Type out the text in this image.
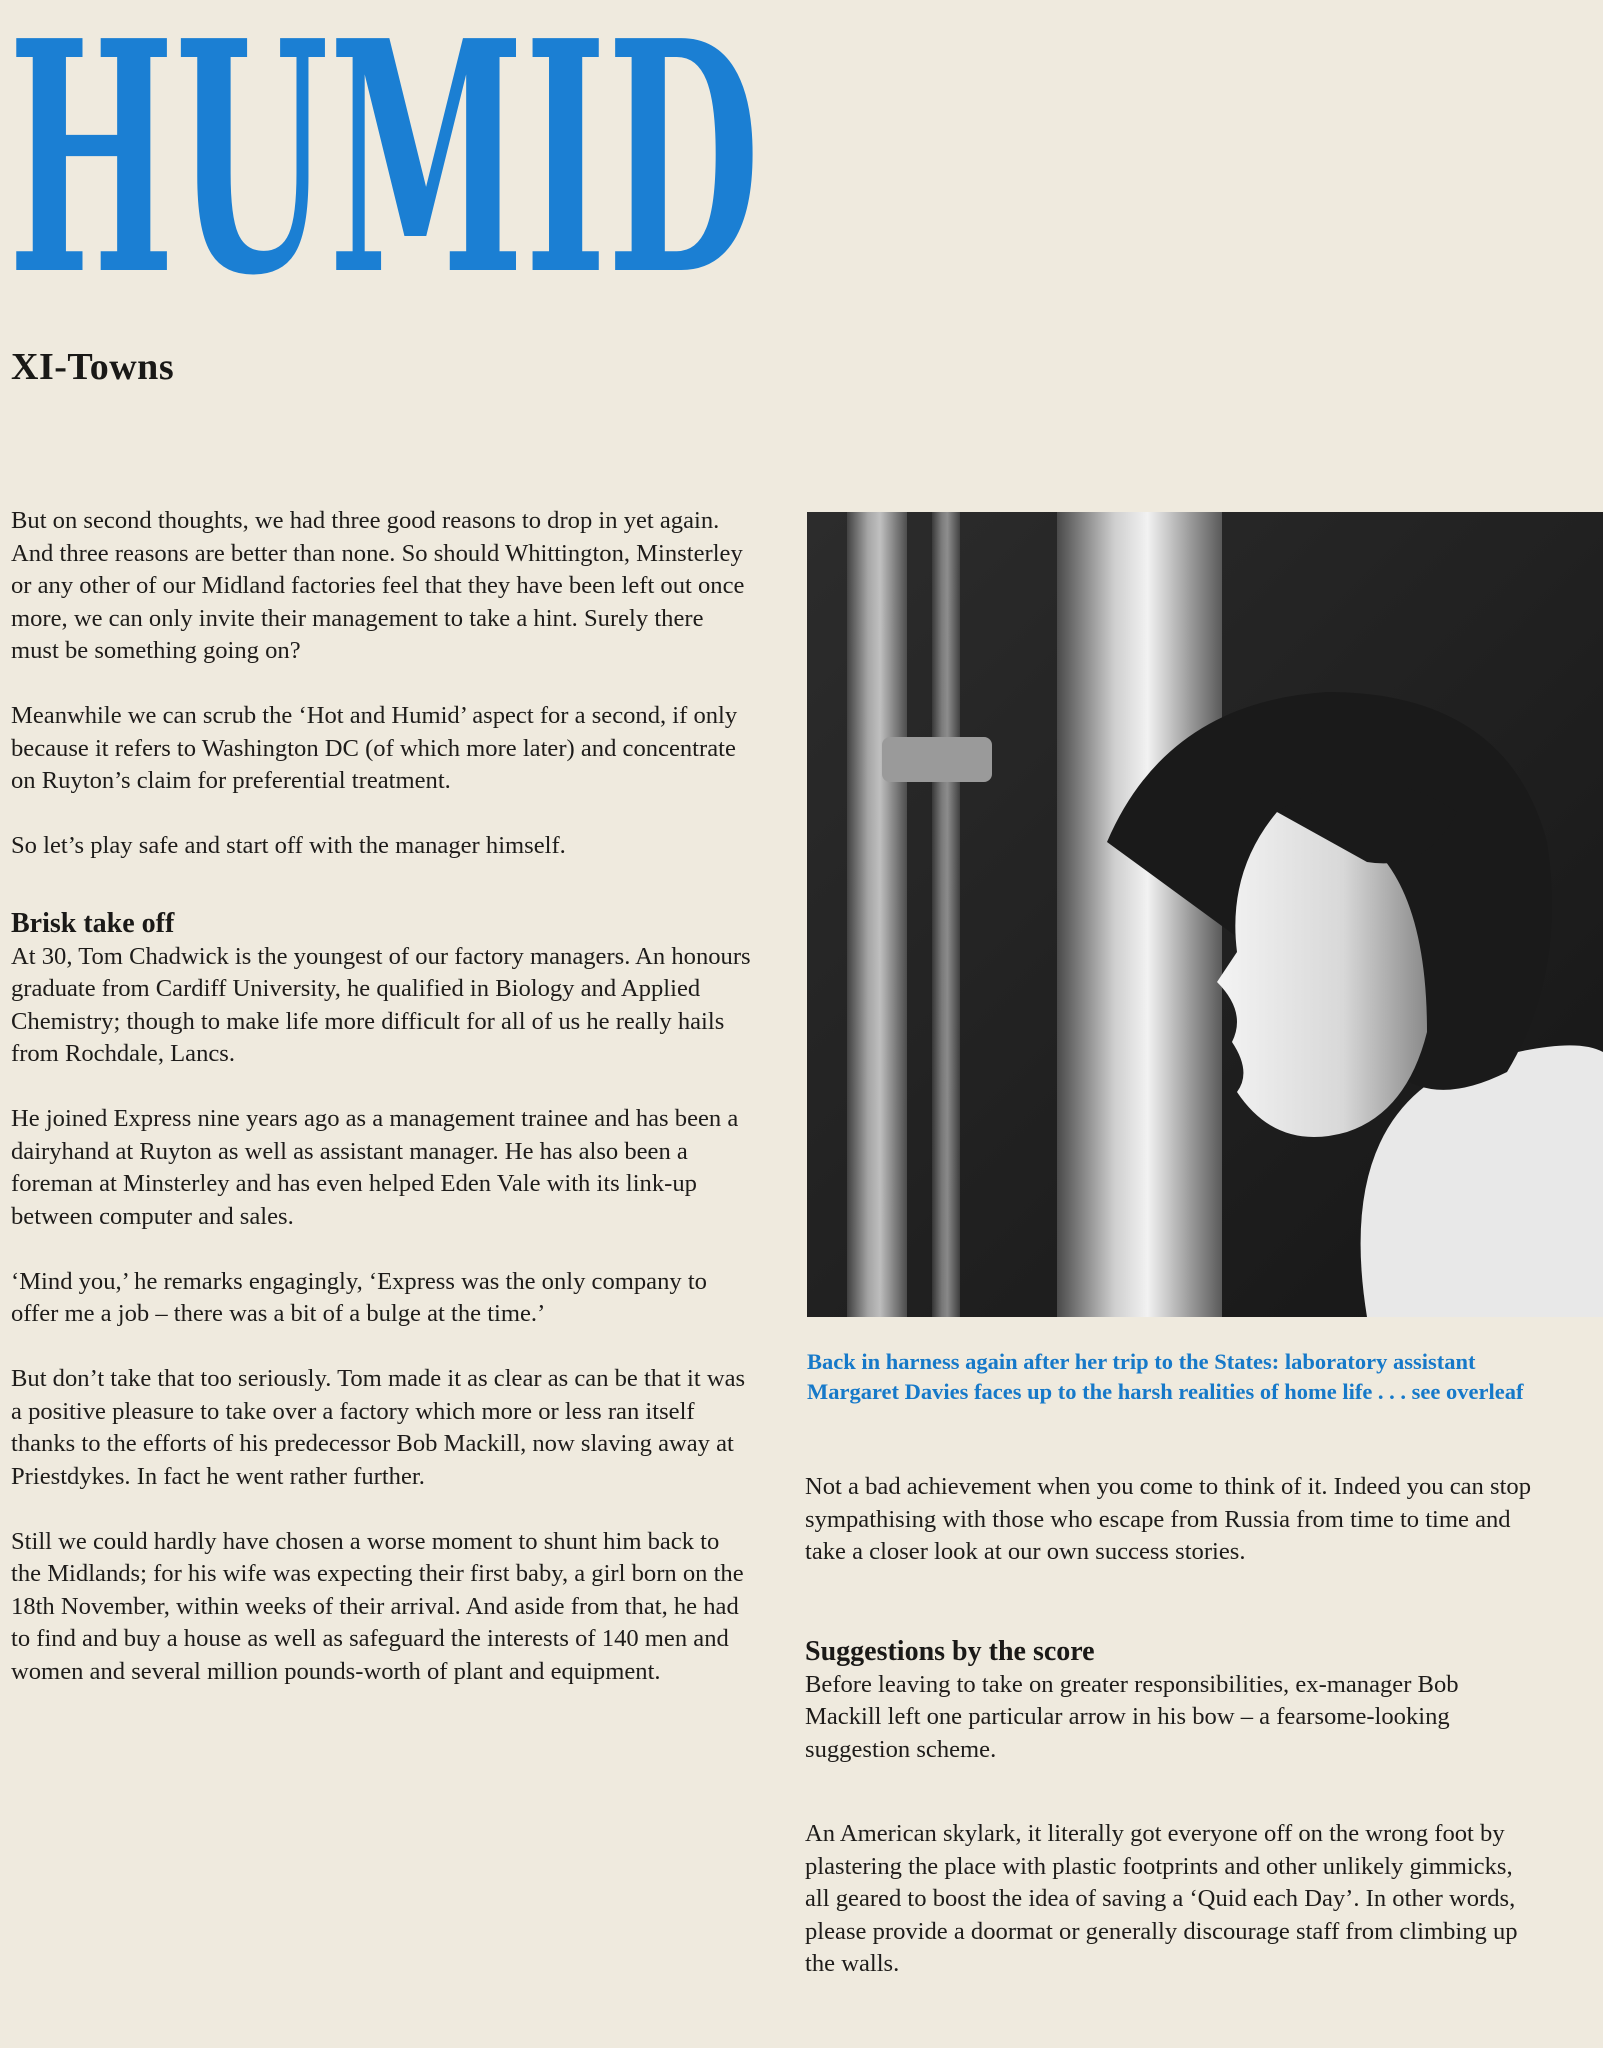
HUMID
XI-Towns

But on second thoughts, we had three good reasons to drop in yet again. And three reasons are better than none. So should Whittington, Minsterley or any other of our Midland factories feel that they have been left out once more, we can only invite their management to take a hint. Surely there must be something going on?

Meanwhile we can scrub the ‘Hot and Humid’ aspect for a second, if only because it refers to Washington DC (of which more later) and concentrate on Ruyton’s claim for preferential treatment.

So let’s play safe and start off with the manager himself.

Brisk take off

At 30, Tom Chadwick is the youngest of our factory managers. An honours graduate from Cardiff University, he qualified in Biology and Applied Chemistry; though to make life more difficult for all of us he really hails from Rochdale, Lancs.

He joined Express nine years ago as a management trainee and has been a dairyhand at Ruyton as well as assistant manager. He has also been a foreman at Minsterley and has even helped Eden Vale with its link-up between computer and sales.

‘Mind you,’ he remarks engagingly, ‘Express was the only company to offer me a job – there was a bit of a bulge at the time.’

But don’t take that too seriously. Tom made it as clear as can be that it was a positive pleasure to take over a factory which more or less ran itself thanks to the efforts of his predecessor Bob Mackill, now slaving away at Priestdykes. In fact he went rather further.

Still we could hardly have chosen a worse moment to shunt him back to the Midlands; for his wife was expecting their first baby, a girl born on the 18th November, within weeks of their arrival. And aside from that, he had to find and buy a house as well as safeguard the interests of 140 men and women and several million pounds-worth of plant and equipment.

Back in harness again after her trip to the States: laboratory assistant Margaret Davies faces up to the harsh realities of home life . . . see overleaf

Not a bad achievement when you come to think of it. Indeed you can stop sympathising with those who escape from Russia from time to time and take a closer look at our own success stories.

Suggestions by the score

Before leaving to take on greater responsibilities, ex-manager Bob Mackill left one particular arrow in his bow – a fearsome-looking suggestion scheme.

An American skylark, it literally got everyone off on the wrong foot by plastering the place with plastic footprints and other unlikely gimmicks, all geared to boost the idea of saving a ‘Quid each Day’. In other words, please provide a doormat or generally discourage staff from climbing up the walls.
